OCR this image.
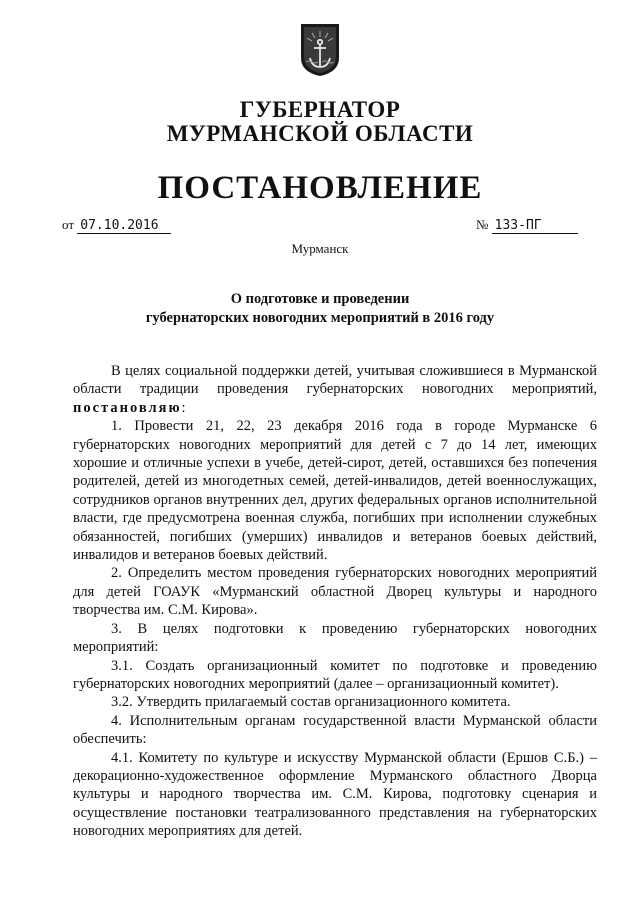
ГУБЕРНАТОР
МУРМАНСКОЙ ОБЛАСТИ
ПОСТАНОВЛЕНИЕ
от 07.10.2016	№ 133-ПГ
Мурманск
О подготовке и проведении
губернаторских новогодних мероприятий в 2016 году

В целях социальной поддержки детей, учитывая сложившиеся в Мурманской области традиции проведения губернаторских новогодних мероприятий, постановляю:

1. Провести 21, 22, 23 декабря 2016 года в городе Мурманске 6 губернаторских новогодних мероприятий для детей с 7 до 14 лет, имеющих хорошие и отличные успехи в учебе, детей-сирот, детей, оставшихся без попечения родителей, детей из многодетных семей, детей-инвалидов, детей военнослужащих, сотрудников органов внутренних дел, других федеральных органов исполнительной власти, где предусмотрена военная служба, погибших при исполнении служебных обязанностей, погибших (умерших) инвалидов и ветеранов боевых действий, инвалидов и ветеранов боевых действий.

2. Определить местом проведения губернаторских новогодних мероприятий для детей ГОАУК «Мурманский областной Дворец культуры и народного творчества им. С.М. Кирова».

3. В целях подготовки к проведению губернаторских новогодних мероприятий:

3.1. Создать организационный комитет по подготовке и проведению губернаторских новогодних мероприятий (далее – организационный комитет).

3.2. Утвердить прилагаемый состав организационного комитета.

4. Исполнительным органам государственной власти Мурманской области обеспечить:

4.1. Комитету по культуре и искусству Мурманской области (Ершов С.Б.) – декорационно-художественное оформление Мурманского областного Дворца культуры и народного творчества им. С.М. Кирова, подготовку сценария и осуществление постановки театрализованного представления на губернаторских новогодних мероприятиях для детей.
